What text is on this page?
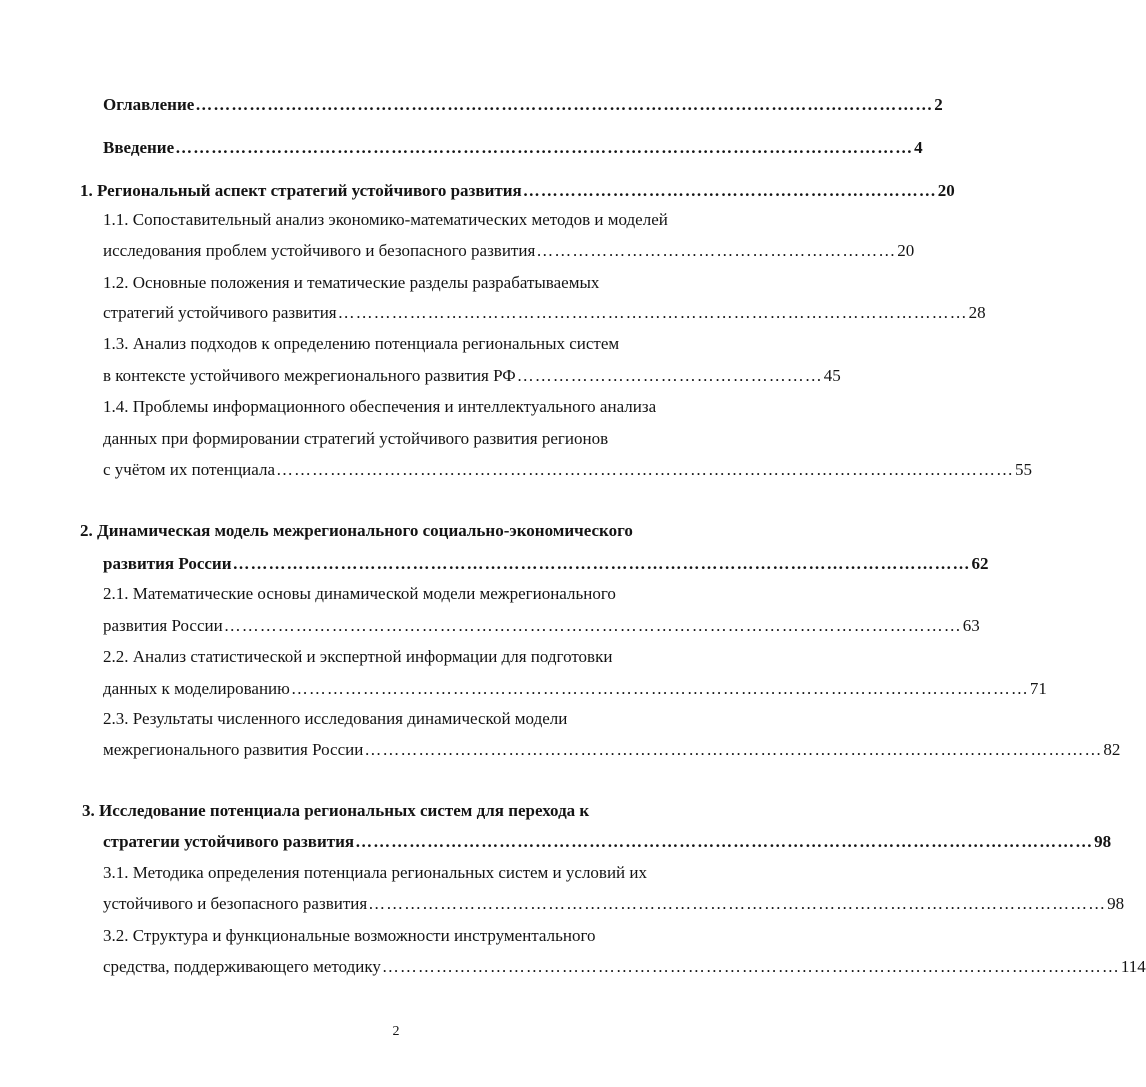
Оглавление …………………………………………………………………………………………………………… 2
Введение …………………………………………………………………………………………………………… 4
1. Региональный аспект стратегий устойчивого развития …………………………………………………………… 20
1.1. Сопоставительный анализ экономико-математических методов и моделей
исследования проблем устойчивого и безопасного развития …………………………………………………… 20
1.2. Основные положения и тематические разделы разрабатываемых
стратегий устойчивого развития …………………………………………………………………………………………… 28
1.3. Анализ подходов к определению потенциала региональных систем
в контексте устойчивого межрегионального развития РФ …………………………………………… 45
1.4. Проблемы информационного обеспечения и интеллектуального анализа
данных при формировании стратегий устойчивого развития регионов
с учётом их потенциала …………………………………………………………………………………………………………… 55
2. Динамическая модель межрегионального социально-экономического
развития России …………………………………………………………………………………………………………… 62
2.1. Математические основы динамической модели межрегионального
развития России …………………………………………………………………………………………………………… 63
2.2. Анализ статистической и экспертной информации для подготовки
данных к моделированию …………………………………………………………………………………………………………… 71
2.3. Результаты численного исследования динамической модели
межрегионального развития России …………………………………………………………………………………………………………… 82
3. Исследование потенциала региональных систем для перехода к
стратегии устойчивого развития …………………………………………………………………………………………………………… 98
3.1. Методика определения потенциала региональных систем и условий их
устойчивого и безопасного развития …………………………………………………………………………………………………………… 98
3.2. Структура и функциональные возможности инструментального
средства, поддерживающего методику …………………………………………………………………………………………………………… 114
2
